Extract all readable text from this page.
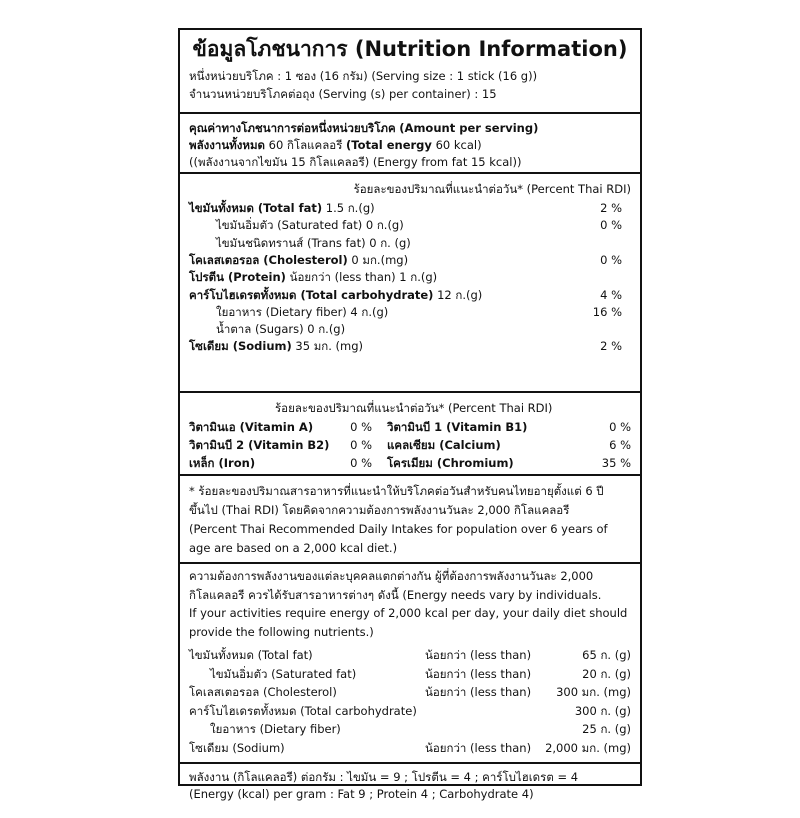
ข้อมูลโภชนาการ (Nutrition Information)
หนึ่งหน่วยบริโภค : 1 ซอง (16 กรัม) (Serving size : 1 stick (16 g))
จำนวนหน่วยบริโภคต่อถุง (Serving (s) per container) : 15
คุณค่าทางโภชนาการต่อหนึ่งหน่วยบริโภค (Amount per serving)
พลังงานทั้งหมด 60 กิโลแคลอรี (Total energy 60 kcal)
((พลังงานจากไขมัน 15 กิโลแคลอรี) (Energy from fat 15 kcal))
ร้อยละของปริมาณที่แนะนำต่อวัน* (Percent Thai RDI)
ไขมันทั้งหมด (Total fat) 1.5 ก.(g)	2 %
ไขมันอิ่มตัว (Saturated fat) 0 ก.(g)	0 %
ไขมันชนิดทรานส์ (Trans fat) 0 ก. (g)
โคเลสเตอรอล (Cholesterol) 0 มก.(mg)	0 %
โปรตีน (Protein) น้อยกว่า (less than) 1 ก.(g)
คาร์โบไฮเดรตทั้งหมด (Total carbohydrate) 12 ก.(g)	4 %
ใยอาหาร (Dietary fiber) 4 ก.(g)	16 %
น้ำตาล (Sugars) 0 ก.(g)
โซเดียม (Sodium) 35 มก. (mg)	2 %
ร้อยละของปริมาณที่แนะนำต่อวัน* (Percent Thai RDI)
วิตามินเอ (Vitamin A)	0 % วิตามินบี 1 (Vitamin B1)	0 %
วิตามินบี 2 (Vitamin B2)	0 % แคลเซียม (Calcium)	6 %
เหล็ก (Iron)	0 % โครเมียม (Chromium)	35 %
* ร้อยละของปริมาณสารอาหารที่แนะนำให้บริโภคต่อวันสำหรับคนไทยอายุตั้งแต่ 6 ปี
ขึ้นไป (Thai RDI) โดยคิดจากความต้องการพลังงานวันละ 2,000 กิโลแคลอรี
(Percent Thai Recommended Daily Intakes for population over 6 years of
age are based on a 2,000 kcal diet.)
ความต้องการพลังงานของแต่ละบุคคลแตกต่างกัน ผู้ที่ต้องการพลังงานวันละ 2,000
กิโลแคลอรี ควรได้รับสารอาหารต่างๆ ดังนี้ (Energy needs vary by individuals.
If your activities require energy of 2,000 kcal per day, your daily diet should
provide the following nutrients.)
ไขมันทั้งหมด (Total fat)	น้อยกว่า (less than)	65 ก. (g)
ไขมันอิ่มตัว (Saturated fat)	น้อยกว่า (less than)	20 ก. (g)
โคเลสเตอรอล (Cholesterol)	น้อยกว่า (less than)	300 มก. (mg)
คาร์โบไฮเดรตทั้งหมด (Total carbohydrate)	300 ก. (g)
ใยอาหาร (Dietary fiber)	25 ก. (g)
โซเดียม (Sodium)	น้อยกว่า (less than)	2,000 มก. (mg)
พลังงาน (กิโลแคลอรี) ต่อกรัม : ไขมัน = 9 ; โปรตีน = 4 ; คาร์โบไฮเดรต = 4
(Energy (kcal) per gram : Fat 9 ; Protein 4 ; Carbohydrate 4)
